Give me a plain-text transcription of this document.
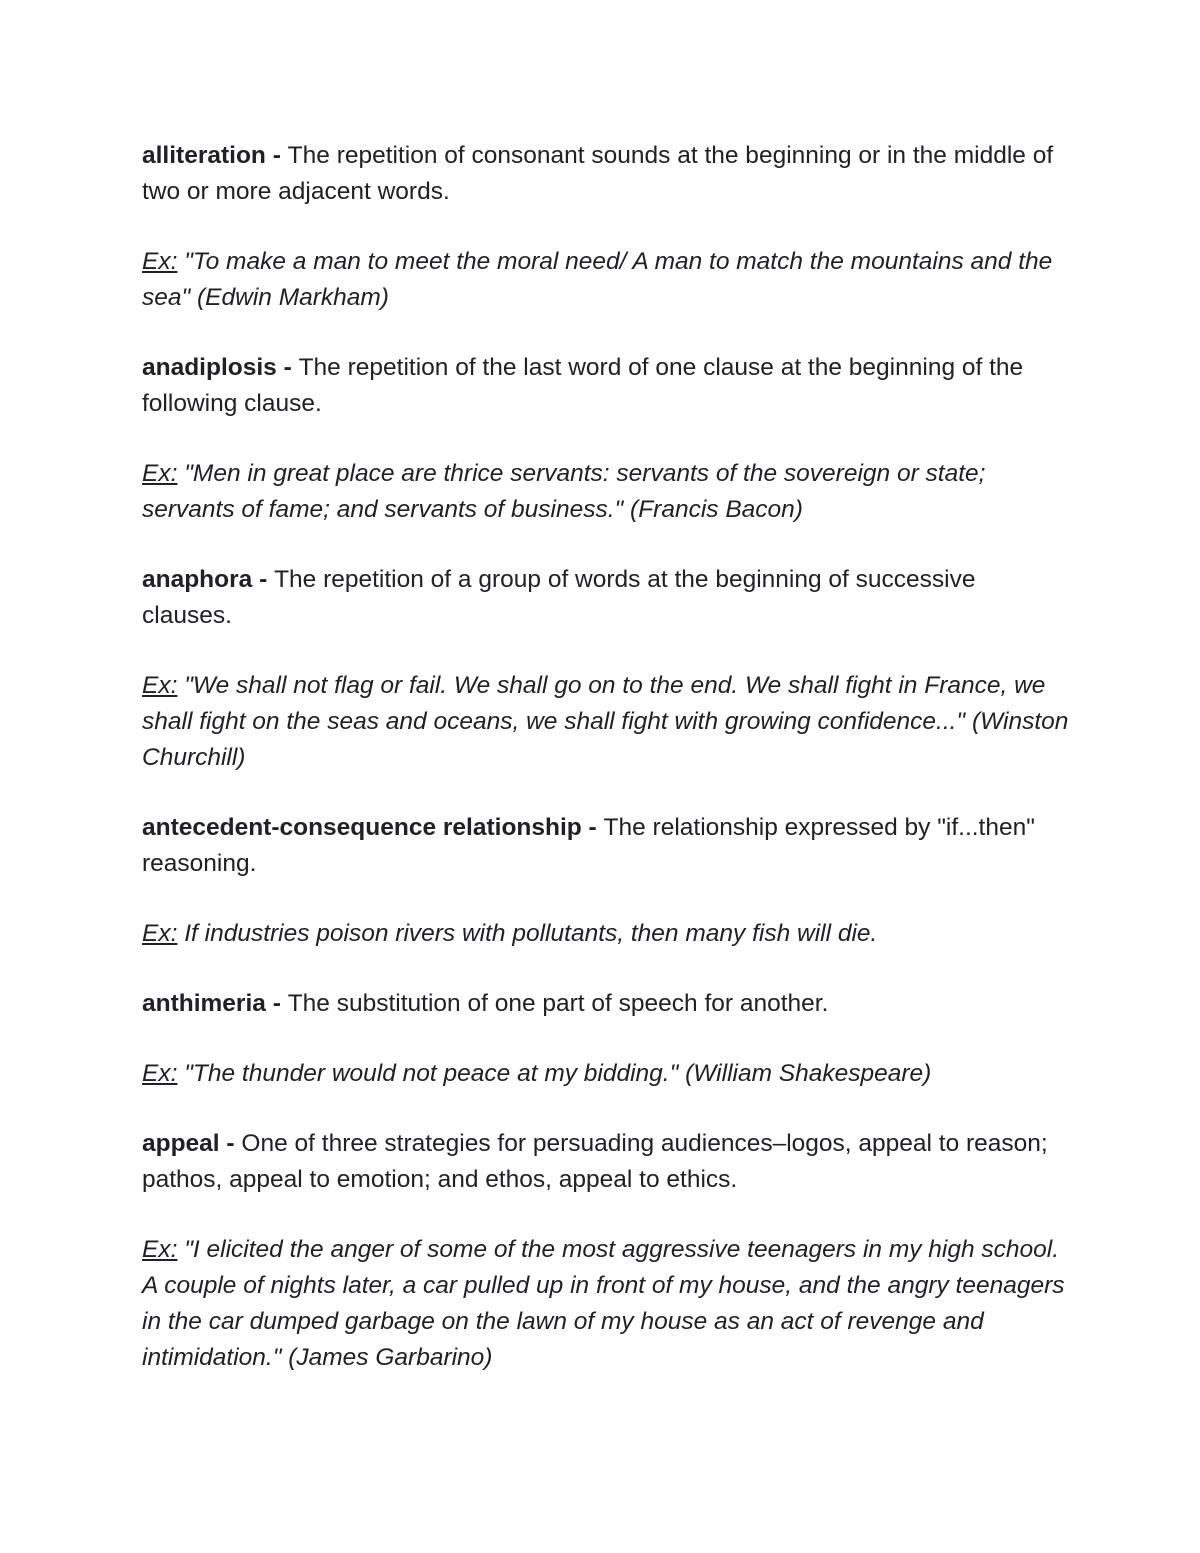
alliteration - The repetition of consonant sounds at the beginning or in the middle of two or more adjacent words.

Ex: "To make a man to meet the moral need/ A man to match the mountains and the sea" (Edwin Markham)

anadiplosis - The repetition of the last word of one clause at the beginning of the following clause.

Ex: "Men in great place are thrice servants: servants of the sovereign or state; servants of fame; and servants of business." (Francis Bacon)

anaphora - The repetition of a group of words at the beginning of successive clauses.

Ex: "We shall not flag or fail. We shall go on to the end. We shall fight in France, we shall fight on the seas and oceans, we shall fight with growing confidence..." (Winston Churchill)

antecedent-consequence relationship - The relationship expressed by "if...then" reasoning.

Ex: If industries poison rivers with pollutants, then many fish will die.

anthimeria - The substitution of one part of speech for another.

Ex: "The thunder would not peace at my bidding." (William Shakespeare)

appeal - One of three strategies for persuading audiences–logos, appeal to reason; pathos, appeal to emotion; and ethos, appeal to ethics.

Ex: "I elicited the anger of some of the most aggressive teenagers in my high school. A couple of nights later, a car pulled up in front of my house, and the angry teenagers in the car dumped garbage on the lawn of my house as an act of revenge and intimidation." (James Garbarino)
